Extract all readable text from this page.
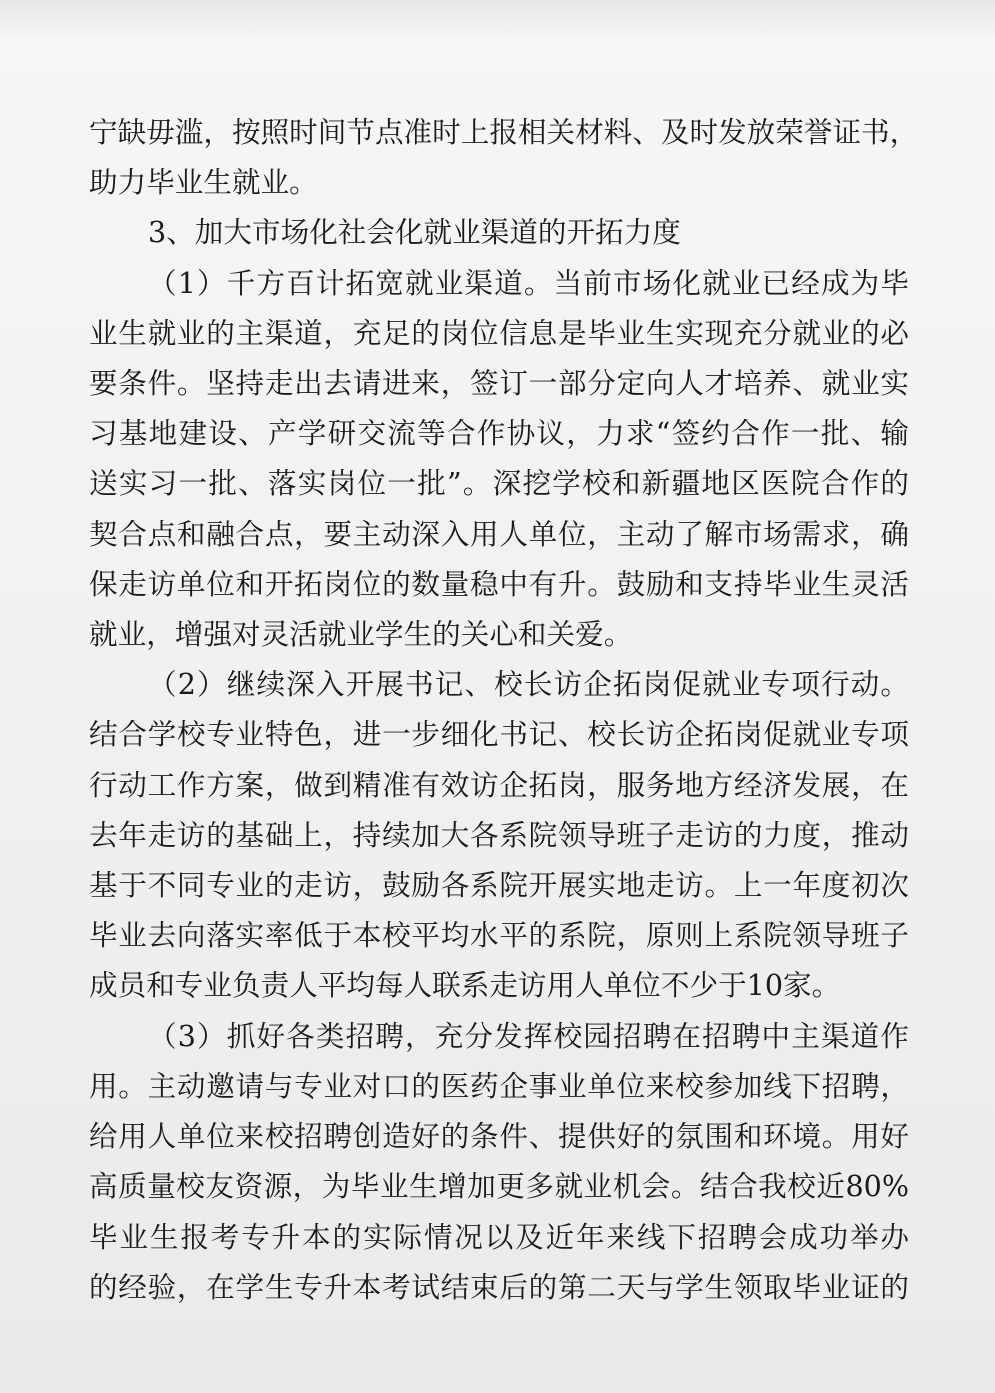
宁缺毋滥，按照时间节点准时上报相关材料、及时发放荣誉证书，

助力毕业生就业。

3、加大市场化社会化就业渠道的开拓力度

（1）千方百计拓宽就业渠道。当前市场化就业已经成为毕

业生就业的主渠道，充足的岗位信息是毕业生实现充分就业的必

要条件。坚持走出去请进来，签订一部分定向人才培养、就业实

习基地建设、产学研交流等合作协议，力求“签约合作一批、输

送实习一批、落实岗位一批”。深挖学校和新疆地区医院合作的

契合点和融合点，要主动深入用人单位，主动了解市场需求，确

保走访单位和开拓岗位的数量稳中有升。鼓励和支持毕业生灵活

就业，增强对灵活就业学生的关心和关爱。

（2）继续深入开展书记、校长访企拓岗促就业专项行动。

结合学校专业特色，进一步细化书记、校长访企拓岗促就业专项

行动工作方案，做到精准有效访企拓岗，服务地方经济发展，在

去年走访的基础上，持续加大各系院领导班子走访的力度，推动

基于不同专业的走访，鼓励各系院开展实地走访。上一年度初次

毕业去向落实率低于本校平均水平的系院，原则上系院领导班子

成员和专业负责人平均每人联系走访用人单位不少于10家。

（3）抓好各类招聘，充分发挥校园招聘在招聘中主渠道作

用。主动邀请与专业对口的医药企事业单位来校参加线下招聘，

给用人单位来校招聘创造好的条件、提供好的氛围和环境。用好

高质量校友资源，为毕业生增加更多就业机会。结合我校近80%

毕业生报考专升本的实际情况以及近年来线下招聘会成功举办

的经验，在学生专升本考试结束后的第二天与学生领取毕业证的
